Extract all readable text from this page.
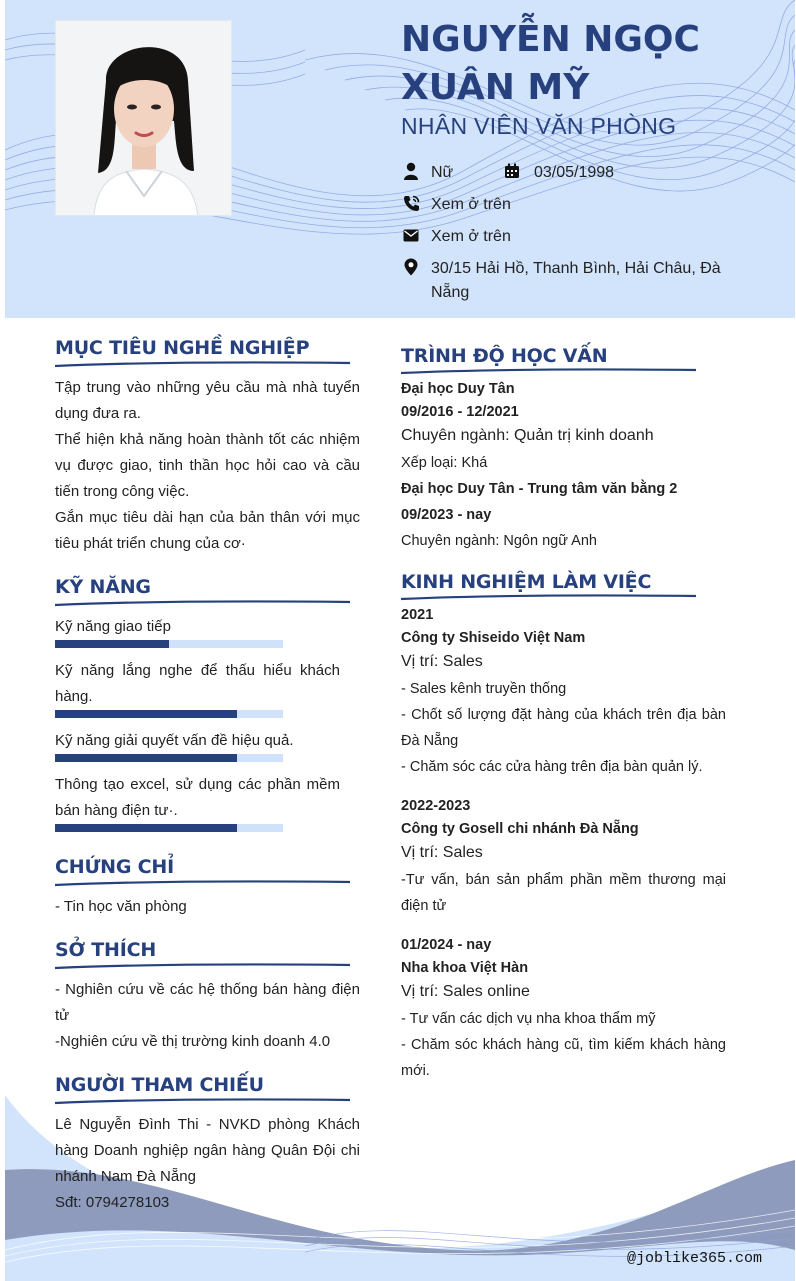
NGUYỄN NGỌC
XUÂN MỸ
NHÂN VIÊN VĂN PHÒNG
Nữ	03/05/1998
Xem ở trên
Xem ở trên
30/15 Hải Hồ, Thanh Bình, Hải Châu, Đà Nẵng
MỤC TIÊU NGHỀ NGHIỆP
Tập trung vào những yêu cầu mà nhà tuyển dụng đưa ra.
Thể hiện khả năng hoàn thành tốt các nhiệm vụ được giao, tinh thần học hỏi cao và cầu tiến trong công việc.
Gắn mục tiêu dài hạn của bản thân với mục tiêu phát triển chung của cơ·
KỸ NĂNG
Kỹ năng giao tiếp
Kỹ năng lắng nghe để thấu hiểu khách hàng.
Kỹ năng giải quyết vấn đề hiệu quả.
Thông tạo excel, sử dụng các phần mềm bán hàng điện tư·.
CHỨNG CHỈ
- Tin học văn phòng
SỞ THÍCH
- Nghiên cứu về các hệ thống bán hàng điện tử
-Nghiên cứu về thị trường kinh doanh 4.0
NGƯỜI THAM CHIẾU
Lê Nguyễn Đình Thi - NVKD phòng Khách hàng Doanh nghiệp ngân hàng Quân Đội chi nhánh Nam Đà Nẵng
Sđt: 0794278103
TRÌNH ĐỘ HỌC VẤN
Đại học Duy Tân
09/2016 - 12/2021
Chuyên ngành: Quản trị kinh doanh
Xếp loại: Khá
Đại học Duy Tân - Trung tâm văn bằng 2
09/2023 - nay
Chuyên ngành: Ngôn ngữ Anh
KINH NGHIỆM LÀM VIỆC
2021
Công ty Shiseido Việt Nam
Vị trí: Sales
- Sales kênh truyền thống
- Chốt số lượng đặt hàng của khách trên địa bàn Đà Nẵng
- Chăm sóc các cửa hàng trên địa bàn quản lý.
2022-2023
Công ty Gosell chi nhánh Đà Nẵng
Vị trí: Sales
-Tư vấn, bán sản phẩm phần mềm thương mại điện tử
01/2024 - nay
Nha khoa Việt Hàn
Vị trí: Sales online
- Tư vấn các dịch vụ nha khoa thẩm mỹ
- Chăm sóc khách hàng cũ, tìm kiếm khách hàng mới.
@joblike365.com
